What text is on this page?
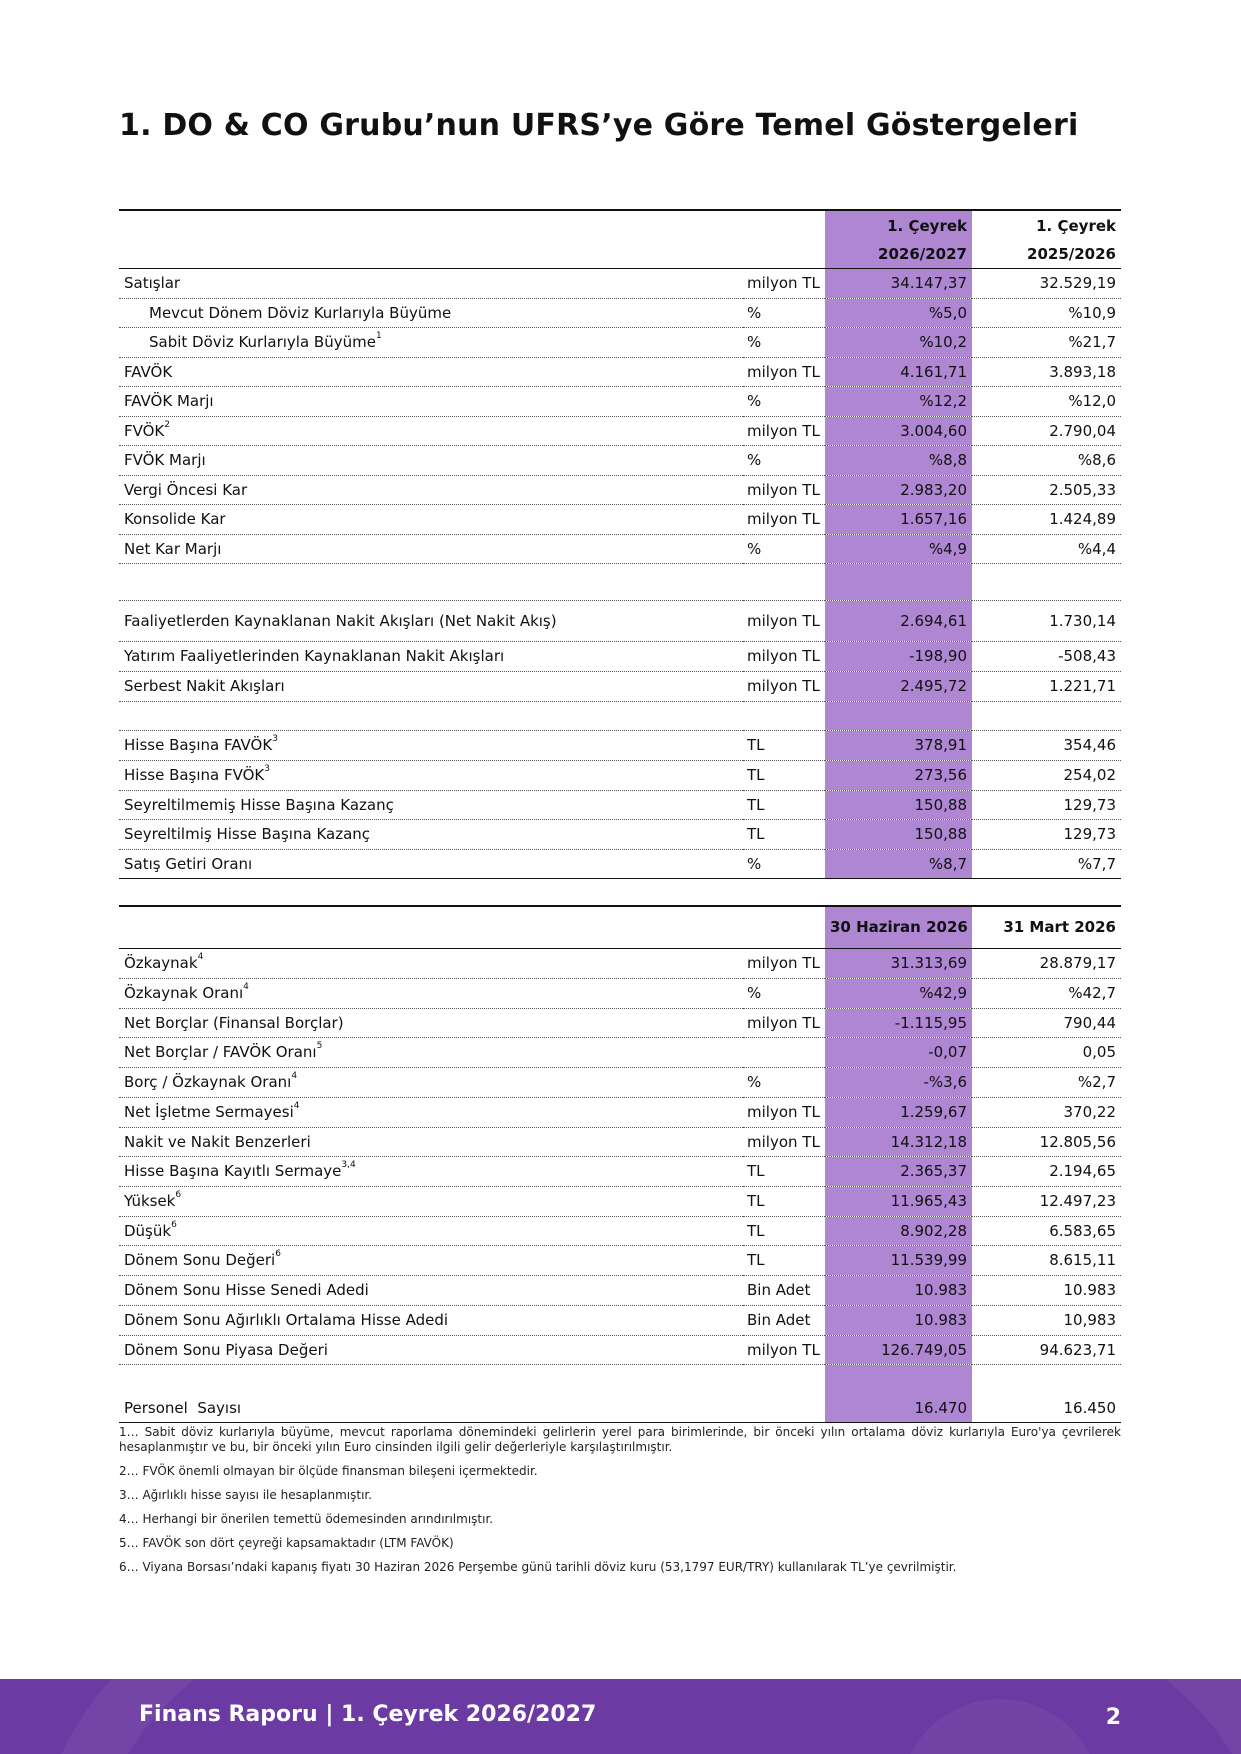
1. DO & CO Grubu’nun UFRS’ye Göre Temel Göstergeleri
		1. Çeyrek	1. Çeyrek
		2026/2027	2025/2026
Satışlar	milyon TL	34.147,37	32.529,19
Mevcut Dönem Döviz Kurlarıyla Büyüme	%	%5,0	%10,9
Sabit Döviz Kurlarıyla Büyüme$^1$	%	%10,2	%21,7
FAVÖK	milyon TL	4.161,71	3.893,18
FAVÖK Marjı	%	%12,2	%12,0
FVÖK$^2$	milyon TL	3.004,60	2.790,04
FVÖK Marjı	%	%8,8	%8,6
Vergi Öncesi Kar	milyon TL	2.983,20	2.505,33
Konsolide Kar	milyon TL	1.657,16	1.424,89
Net Kar Marjı	%	%4,9	%4,4

Faaliyetlerden Kaynaklanan Nakit Akışları (Net Nakit Akış)	milyon TL	2.694,61	1.730,14
Yatırım Faaliyetlerinden Kaynaklanan Nakit Akışları	milyon TL	-198,90	-508,43
Serbest Nakit Akışları	milyon TL	2.495,72	1.221,71

Hisse Başına FAVÖK$^3$	TL	378,91	354,46
Hisse Başına FVÖK$^3$	TL	273,56	254,02
Seyreltilmemiş Hisse Başına Kazanç	TL	150,88	129,73
Seyreltilmiş Hisse Başına Kazanç	TL	150,88	129,73
Satış Getiri Oranı	%	%8,7	%7,7
		30 Haziran 2026	31 Mart 2026
Özkaynak$^4$	milyon TL	31.313,69	28.879,17
Özkaynak Oranı$^4$	%	%42,9	%42,7
Net Borçlar (Finansal Borçlar)	milyon TL	-1.115,95	790,44
Net Borçlar / FAVÖK Oranı$^5$		-0,07	0,05
Borç / Özkaynak Oranı$^4$	%	-%3,6	%2,7
Net İşletme Sermayesi$^4$	milyon TL	1.259,67	370,22
Nakit ve Nakit Benzerleri	milyon TL	14.312,18	12.805,56
Hisse Başına Kayıtlı Sermaye$^{3,4}$	TL	2.365,37	2.194,65
Yüksek$^6$	TL	11.965,43	12.497,23
Düşük$^6$	TL	8.902,28	6.583,65
Dönem Sonu Değeri$^6$	TL	11.539,99	8.615,11
Dönem Sonu Hisse Senedi Adedi	Bin Adet	10.983	10.983
Dönem Sonu Ağırlıklı Ortalama Hisse Adedi	Bin Adet	10.983	10,983
Dönem Sonu Piyasa Değeri	milyon TL	126.749,05	94.623,71

Personel  Sayısı		16.470	16.450

1… Sabit döviz kurlarıyla büyüme, mevcut raporlama dönemindeki gelirlerin yerel para birimlerinde, bir önceki yılın ortalama döviz kurlarıyla Euro'ya çevrilerek hesaplanmıştır ve bu, bir önceki yılın Euro cinsinden ilgili gelir değerleriyle karşılaştırılmıştır.

2… FVÖK önemli olmayan bir ölçüde finansman bileşeni içermektedir.

3… Ağırlıklı hisse sayısı ile hesaplanmıştır.

4… Herhangi bir önerilen temettü ödemesinden arındırılmıştır.

5… FAVÖK son dört çeyreği kapsamaktadır (LTM FAVÖK)

6… Viyana Borsası’ndaki kapanış fiyatı 30 Haziran 2026 Perşembe günü tarihli döviz kuru (53,1797 EUR/TRY) kullanılarak TL’ye çevrilmiştir.

Finans Raporu | 1. Çeyrek 2026/2027	2
